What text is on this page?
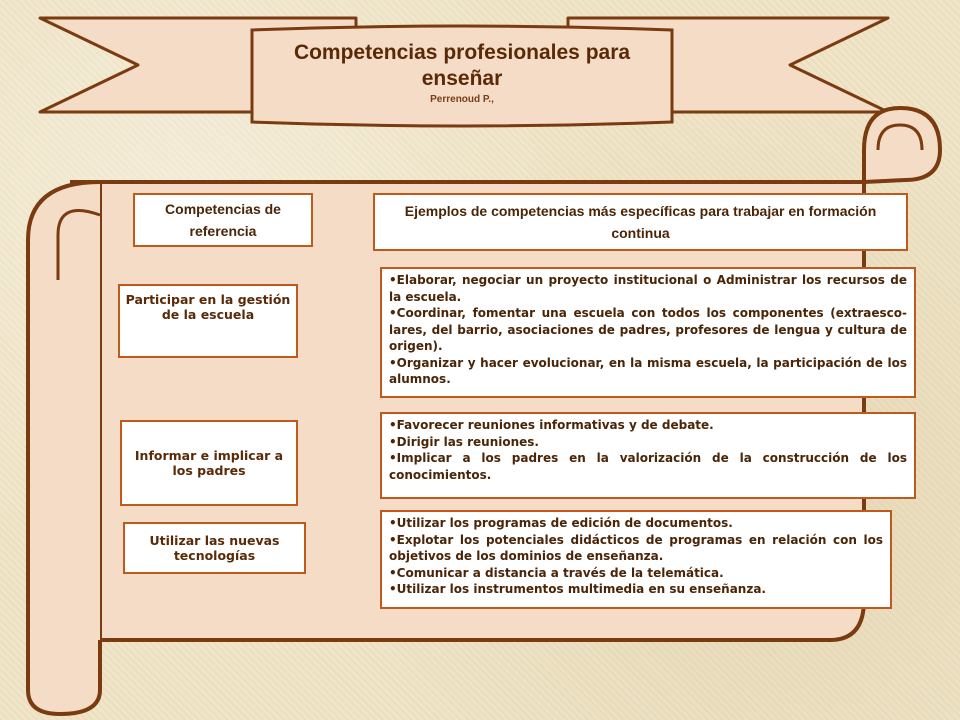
Competencias profesionales para enseñar
Perrenoud P.,
Competencias de referencia
Ejemplos de competencias más específicas para trabajar en formación continua
Participar en la gestión de la escuela
•Elaborar, negociar un proyecto institucional o Administrar los recursos de la escuela.
•Coordinar, fomentar una escuela con todos los componentes (extraesco-lares, del barrio, asociaciones de padres, profesores de lengua y cultura de origen).
•Organizar y hacer evolucionar, en la misma escuela, la participación de los alumnos.
Informar e implicar a los padres
•Favorecer reuniones informativas y de debate.
•Dirigir las reuniones.
•Implicar a los padres en la valorización de la construcción de los conocimientos.
Utilizar las nuevas tecnologías
•Utilizar los programas de edición de documentos.
•Explotar los potenciales didácticos de programas en relación con los objetivos de los dominios de enseñanza.
•Comunicar a distancia a través de la telemática.
•Utilizar los instrumentos multimedia en su enseñanza.
